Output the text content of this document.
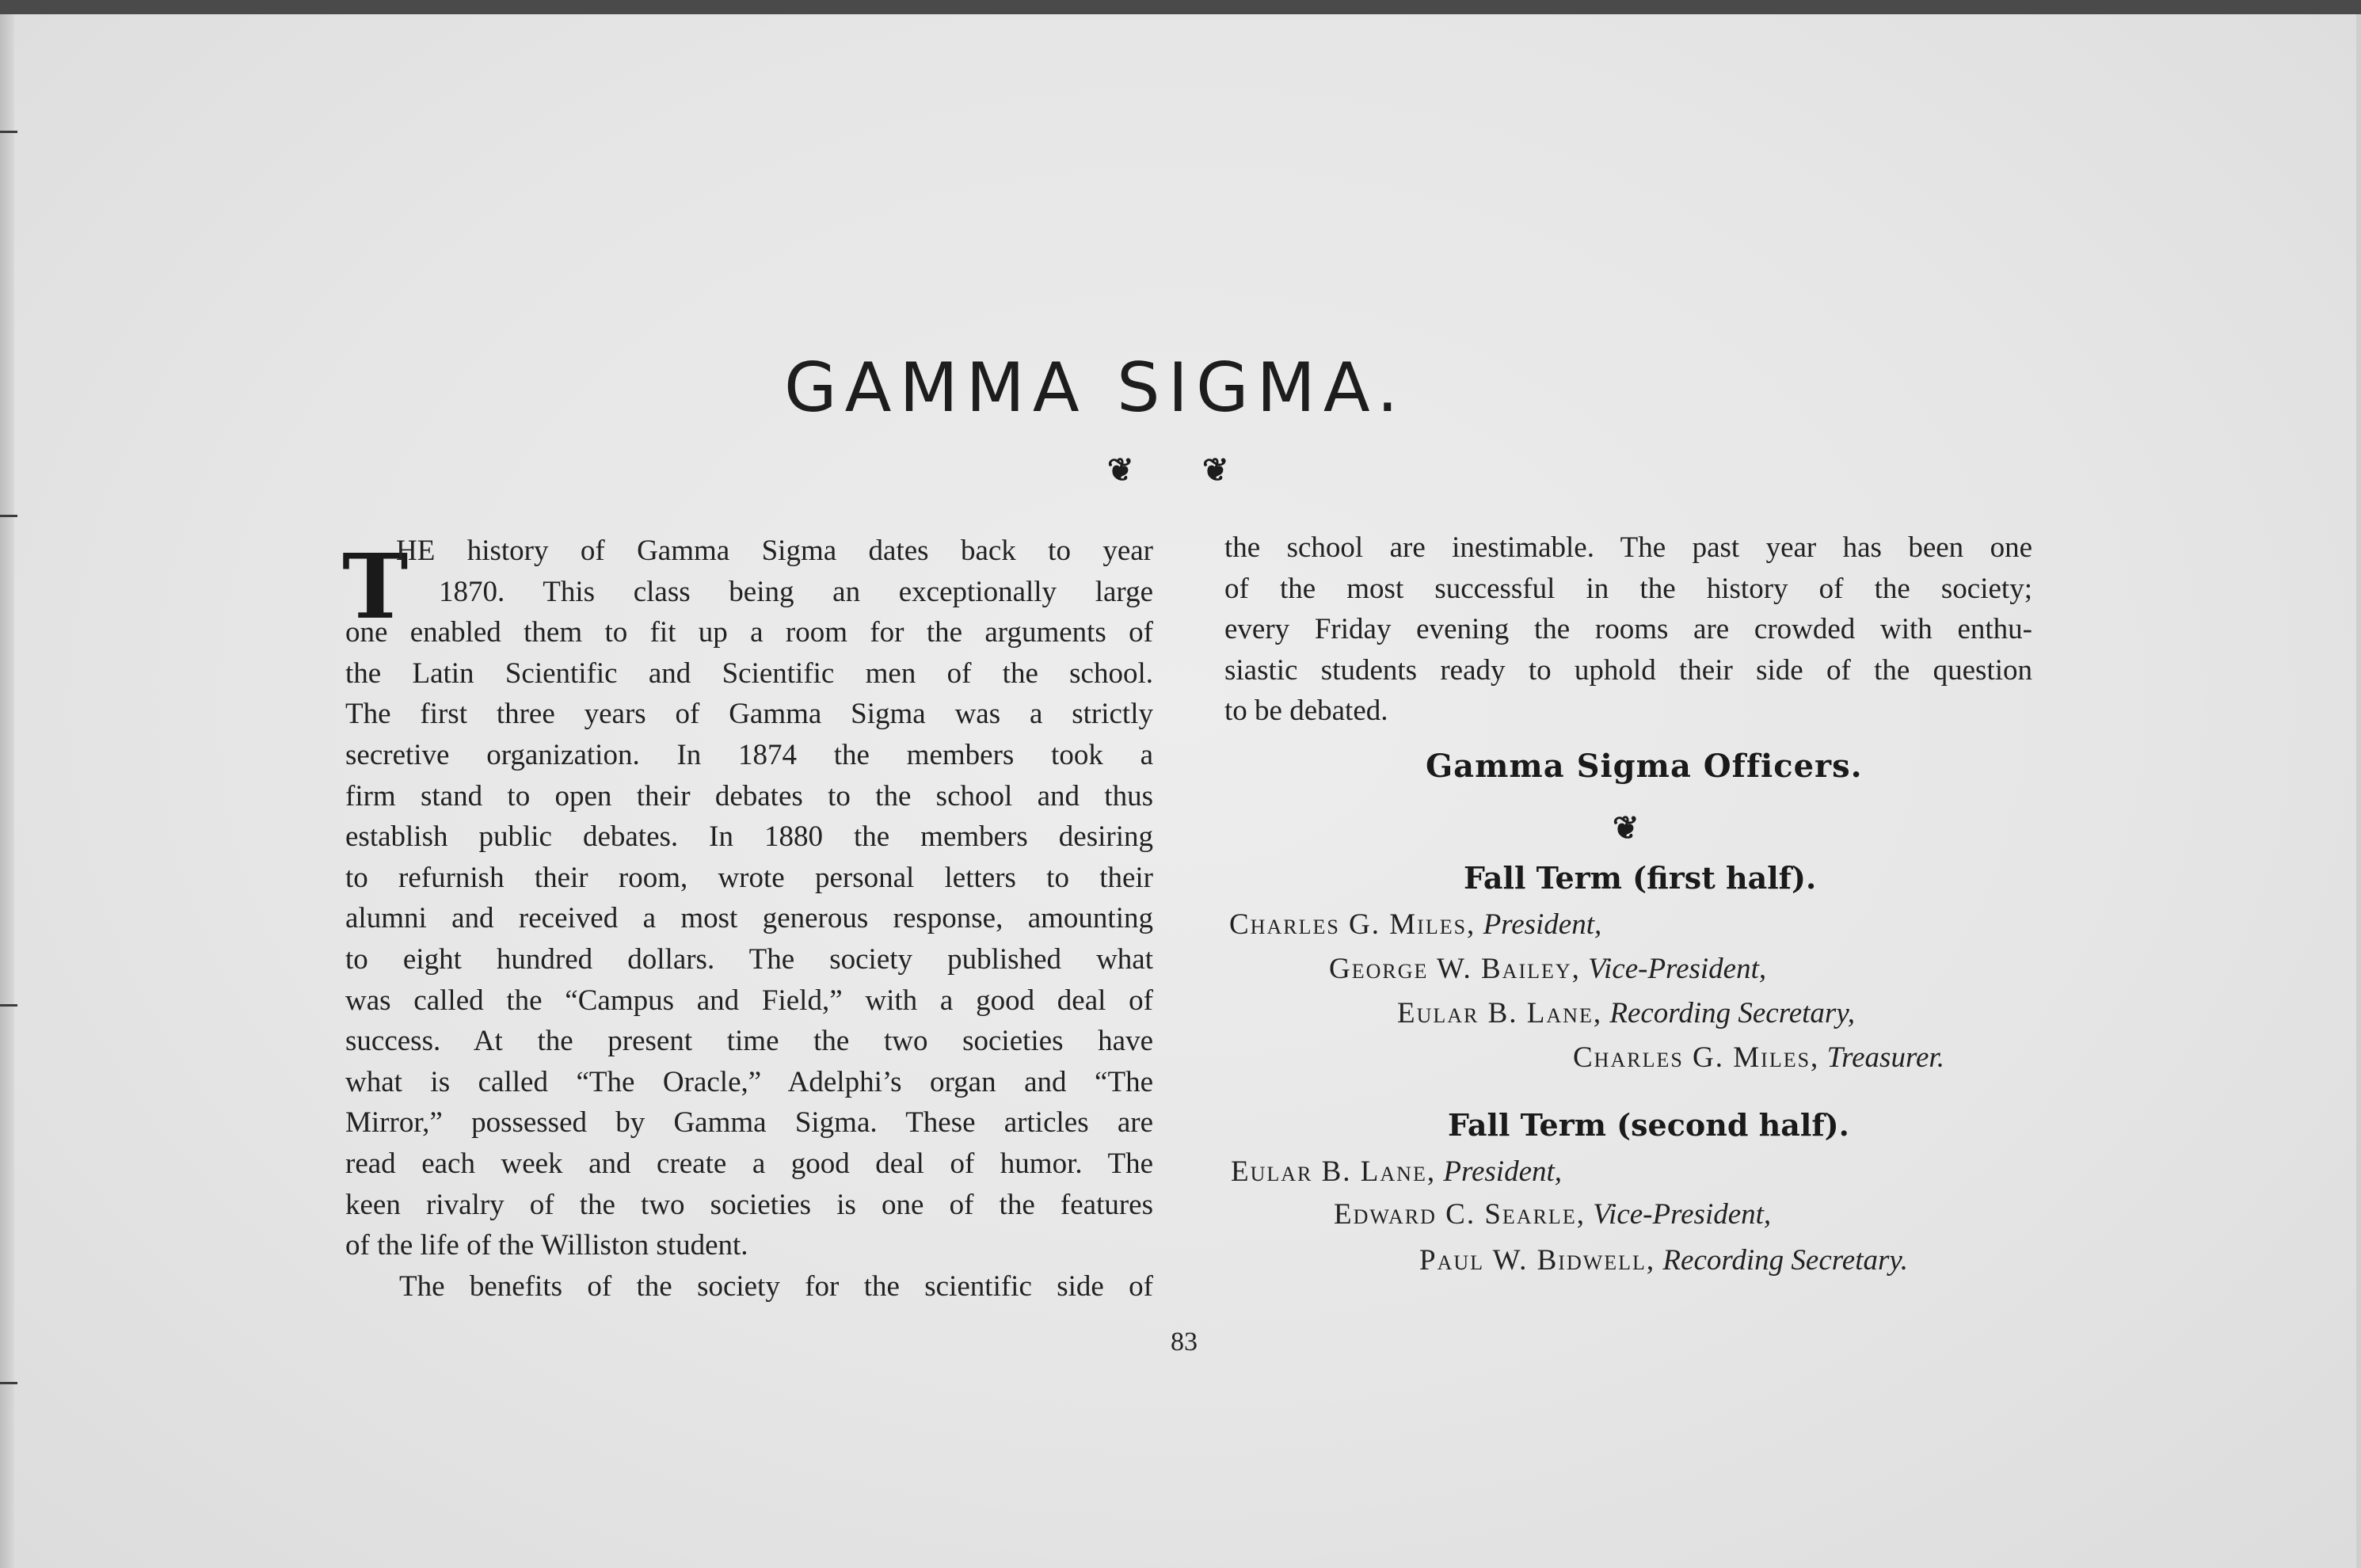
GAMMA SIGMA.
❦ ❦
T
HE history of Gamma Sigma dates back to year
1870. This class being an exceptionally large
one enabled them to fit up a room for the arguments of
the Latin Scientific and Scientific men of the school.
The first three years of Gamma Sigma was a strictly
secretive organization. In 1874 the members took a
firm stand to open their debates to the school and thus
establish public debates. In 1880 the members desiring
to refurnish their room, wrote personal letters to their
alumni and received a most generous response, amounting
to eight hundred dollars. The society published what
was called the “Campus and Field,” with a good deal of
success. At the present time the two societies have
what is called “The Oracle,” Adelphi’s organ and “The
Mirror,” possessed by Gamma Sigma. These articles are
read each week and create a good deal of humor. The
keen rivalry of the two societies is one of the features
of the life of the Williston student.
The benefits of the society for the scientific side of
the school are inestimable. The past year has been one
of the most successful in the history of the society;
every Friday evening the rooms are crowded with enthu-
siastic students ready to uphold their side of the question
to be debated.
Gamma Sigma Officers.
❦
Fall Term (first half).
Charles G. Miles, President,
George W. Bailey, Vice-President,
Eular B. Lane, Recording Secretary,
Charles G. Miles, Treasurer.
Fall Term (second half).
Eular B. Lane, President,
Edward C. Searle, Vice-President,
Paul W. Bidwell, Recording Secretary.
83
